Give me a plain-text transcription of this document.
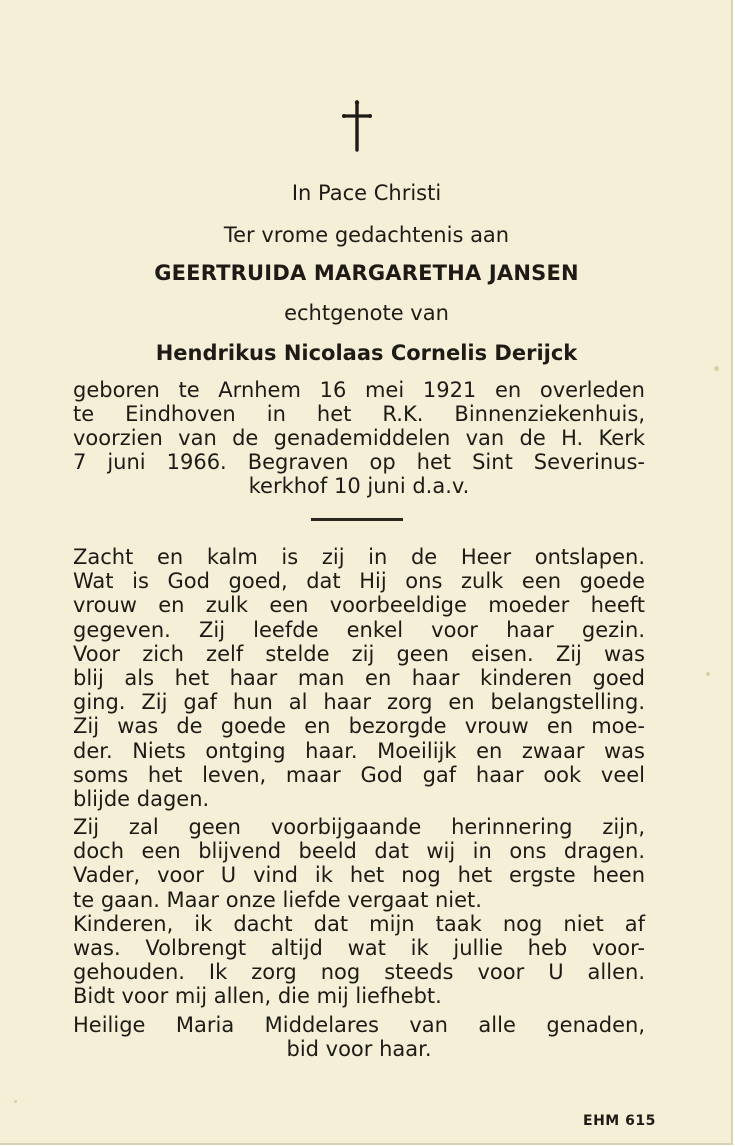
In Pace Christi
Ter vrome gedachtenis aan
GEERTRUIDA MARGARETHA JANSEN
echtgenote van
Hendrikus Nicolaas Cornelis Derijck
geboren te Arnhem 16 mei 1921 en overleden
te Eindhoven in het R.K. Binnenziekenhuis,
voorzien van de genademiddelen van de H. Kerk
7 juni 1966. Begraven op het Sint Severinus-
kerkhof 10 juni d.a.v.
Zacht en kalm is zij in de Heer ontslapen.
Wat is God goed, dat Hij ons zulk een goede
vrouw en zulk een voorbeeldige moeder heeft
gegeven. Zij leefde enkel voor haar gezin.
Voor zich zelf stelde zij geen eisen. Zij was
blij als het haar man en haar kinderen goed
ging. Zij gaf hun al haar zorg en belangstelling.
Zij was de goede en bezorgde vrouw en moe-
der. Niets ontging haar. Moeilijk en zwaar was
soms het leven, maar God gaf haar ook veel
blijde dagen.
Zij zal geen voorbijgaande herinnering zijn,
doch een blijvend beeld dat wij in ons dragen.
Vader, voor U vind ik het nog het ergste heen
te gaan. Maar onze liefde vergaat niet.
Kinderen, ik dacht dat mijn taak nog niet af
was. Volbrengt altijd wat ik jullie heb voor-
gehouden. Ik zorg nog steeds voor U allen.
Bidt voor mij allen, die mij liefhebt.
Heilige Maria Middelares van alle genaden,
bid voor haar.
EHM 615
